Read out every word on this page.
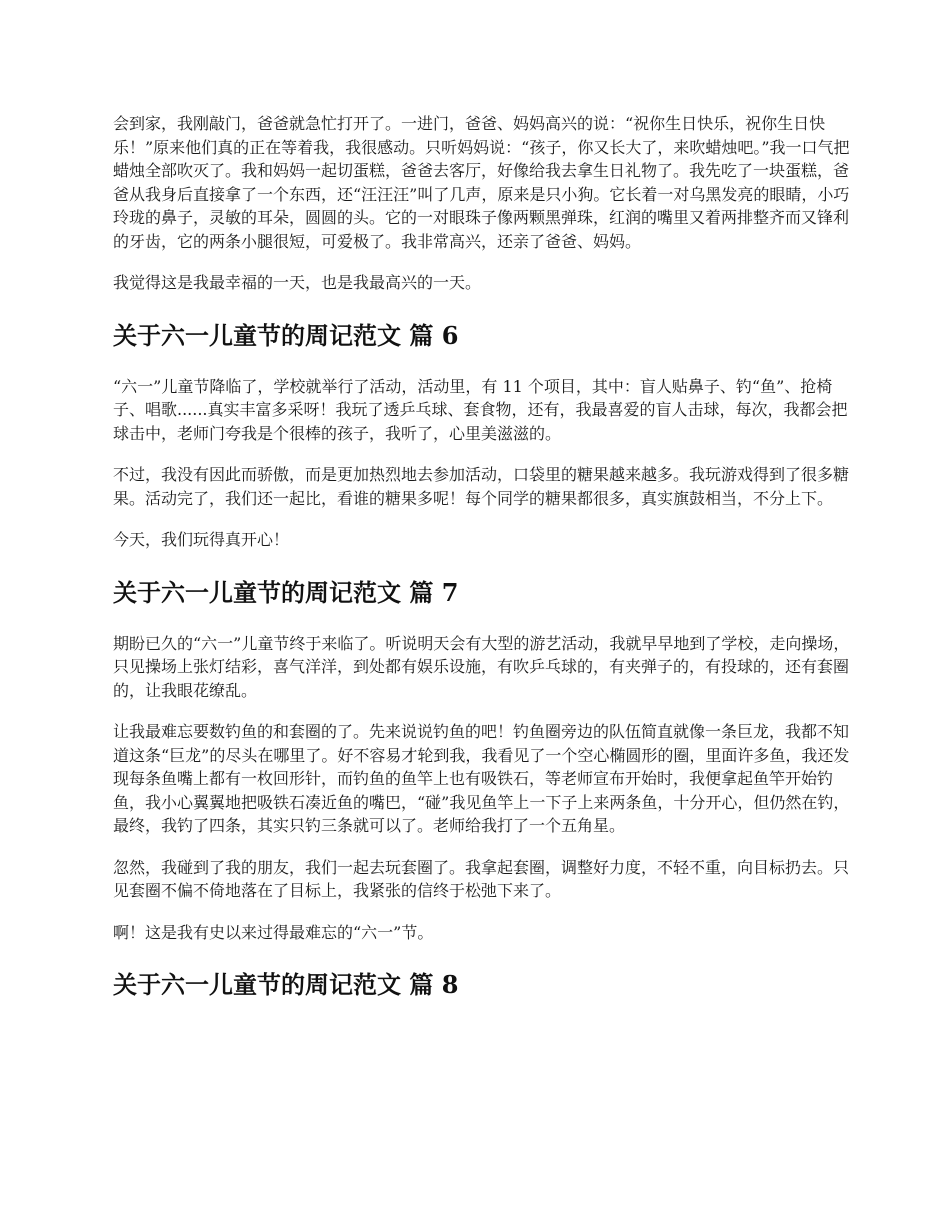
会到家，我刚敲门，爸爸就急忙打开了。一进门，爸爸、妈妈高兴的说：“祝你生日快乐，祝你生日快乐！”原来他们真的正在等着我，我很感动。只听妈妈说：“孩子，你又长大了，来吹蜡烛吧。”我一口气把蜡烛全部吹灭了。我和妈妈一起切蛋糕，爸爸去客厅，好像给我去拿生日礼物了。我先吃了一块蛋糕，爸爸从我身后直接拿了一个东西，还“汪汪汪”叫了几声，原来是只小狗。它长着一对乌黑发亮的眼睛，小巧玲珑的鼻子，灵敏的耳朵，圆圆的头。它的一对眼珠子像两颗黑弹珠，红润的嘴里又着两排整齐而又锋利的牙齿，它的两条小腿很短，可爱极了。我非常高兴，还亲了爸爸、妈妈。

我觉得这是我最幸福的一天，也是我最高兴的一天。

关于六一儿童节的周记范文 篇 6

“六一”儿童节降临了，学校就举行了活动，活动里，有 11 个项目，其中：盲人贴鼻子、钓“鱼”、抢椅子、唱歌......真实丰富多采呀！我玩了透乒乓球、套食物，还有，我最喜爱的盲人击球，每次，我都会把球击中，老师门夸我是个很棒的孩子，我听了，心里美滋滋的。

不过，我没有因此而骄傲，而是更加热烈地去参加活动，口袋里的糖果越来越多。我玩游戏得到了很多糖果。活动完了，我们还一起比，看谁的糖果多呢！每个同学的糖果都很多，真实旗鼓相当，不分上下。

今天，我们玩得真开心！

关于六一儿童节的周记范文 篇 7

期盼已久的“六一”儿童节终于来临了。听说明天会有大型的游艺活动，我就早早地到了学校，走向操场，只见操场上张灯结彩，喜气洋洋，到处都有娱乐设施，有吹乒乓球的，有夹弹子的，有投球的，还有套圈的，让我眼花缭乱。

让我最难忘要数钓鱼的和套圈的了。先来说说钓鱼的吧！钓鱼圈旁边的队伍简直就像一条巨龙，我都不知道这条“巨龙”的尽头在哪里了。好不容易才轮到我，我看见了一个空心椭圆形的圈，里面许多鱼，我还发现每条鱼嘴上都有一枚回形针，而钓鱼的鱼竿上也有吸铁石，等老师宣布开始时，我便拿起鱼竿开始钓鱼，我小心翼翼地把吸铁石凑近鱼的嘴巴，“碰”我见鱼竿上一下子上来两条鱼，十分开心，但仍然在钓，最终，我钓了四条，其实只钓三条就可以了。老师给我打了一个五角星。

忽然，我碰到了我的朋友，我们一起去玩套圈了。我拿起套圈，调整好力度，不轻不重，向目标扔去。只见套圈不偏不倚地落在了目标上，我紧张的信终于松弛下来了。

啊！这是我有史以来过得最难忘的“六一”节。

关于六一儿童节的周记范文 篇 8
